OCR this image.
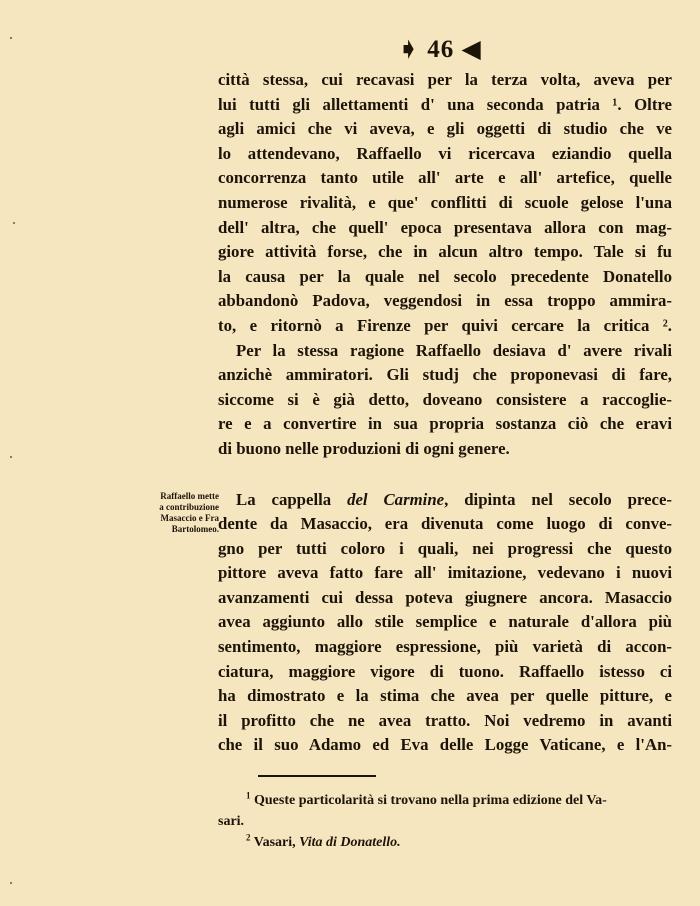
➧ 46 ◀
città stessa, cui recavasi per la terza volta, aveva per
lui tutti gli allettamenti d' una seconda patria ¹. Oltre
agli amici che vi aveva, e gli oggetti di studio che ve
lo attendevano, Raffaello vi ricercava eziandio quella
concorrenza tanto utile all' arte e all' artefice, quelle
numerose rivalità, e que' conflitti di scuole gelose l'una
dell' altra, che quell' epoca presentava allora con mag-
giore attività forse, che in alcun altro tempo. Tale si fu
la causa per la quale nel secolo precedente Donatello
abbandonò Padova, veggendosi in essa troppo ammira-
to, e ritornò a Firenze per quivi cercare la critica ².
Per la stessa ragione Raffaello desiava d' avere rivali
anzichè ammiratori. Gli studj che proponevasi di fare,
siccome si è già detto, doveano consistere a raccoglie-
re e a convertire in sua propria sostanza ciò che eravi
di buono nelle produzioni di ogni genere.
La cappella del Carmine, dipinta nel secolo prece-
dente da Masaccio, era divenuta come luogo di conve-
gno per tutti coloro i quali, nei progressi che questo
pittore aveva fatto fare all' imitazione, vedevano i nuovi
avanzamenti cui dessa poteva giugnere ancora. Masaccio
avea aggiunto allo stile semplice e naturale d'allora più
sentimento, maggiore espressione, più varietà di accon-
ciatura, maggiore vigore di tuono. Raffaello istesso ci
ha dimostrato e la stima che avea per quelle pitture, e
il profitto che ne avea tratto. Noi vedremo in avanti
che il suo Adamo ed Eva delle Logge Vaticane, e l'An-
Raffaello mette
a contribuzione
Masaccio e Fra
Bartolomeo.
$^1$ Queste particolarità si trovano nella prima edizione del Va-
sari.
$^2$ Vasari, Vita di Donatello.
